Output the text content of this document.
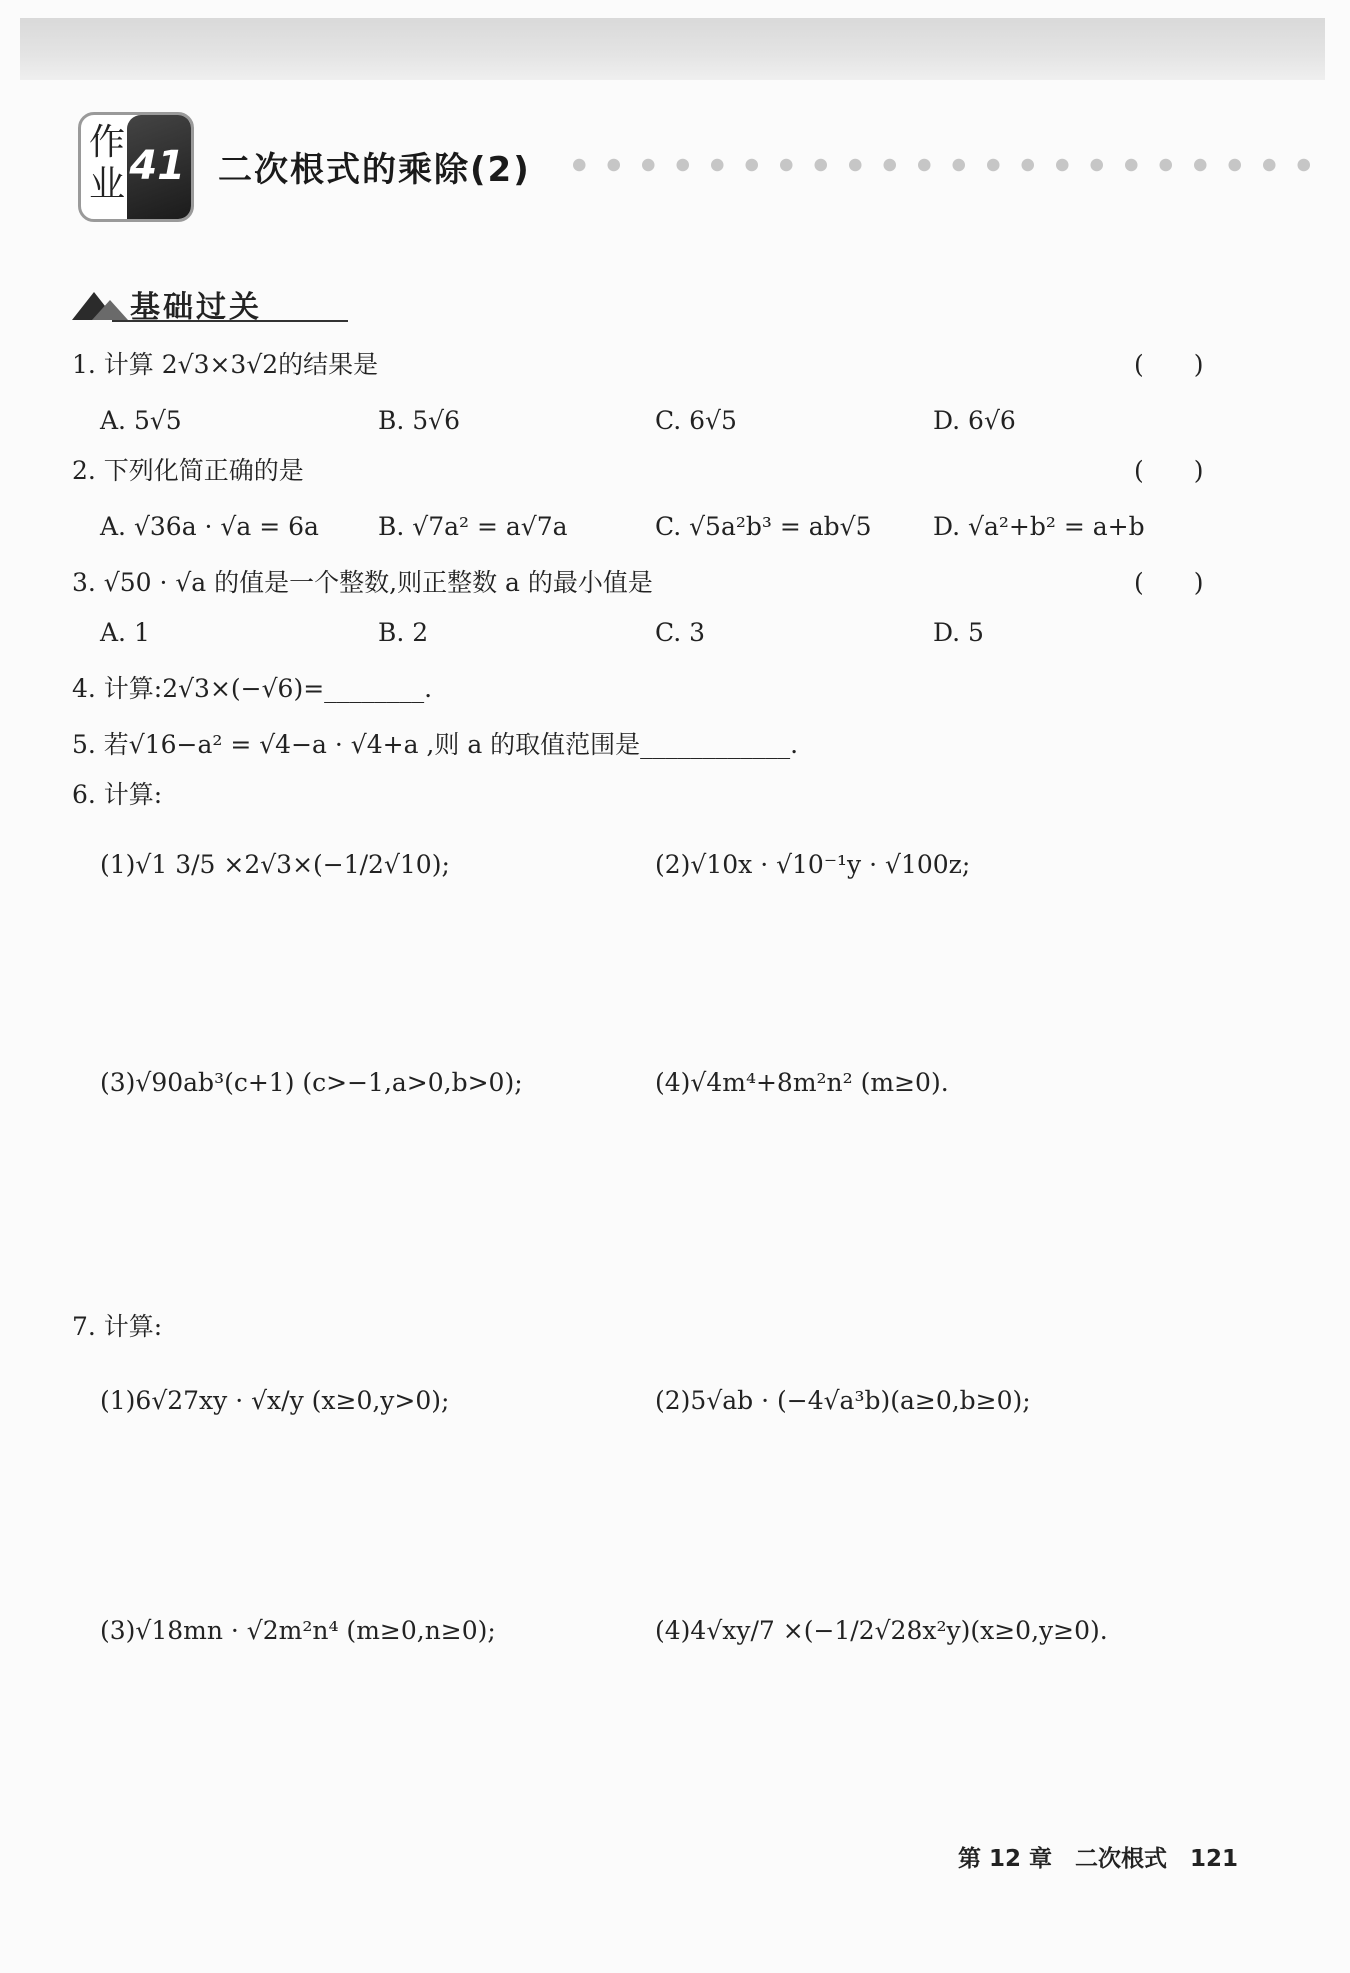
作
业 41 二次根式的乘除(2)
基础过关
1. 计算 2√3×3√2的结果是	(　　)
A. 5√5	B. 5√6	C. 6√5	D. 6√6
2. 下列化简正确的是	(　　)
A. √36a · √a = 6a B. √7a² = a√7a	C. √5a²b³ = ab√5 D. √a²+b² = a+b
3. √50 · √a 的值是一个整数,则正整数 a 的最小值是	(　　)
A. 1	B. 2	C. 3	D. 5
4. 计算:2√3×(−√6)=________.
5. 若√16−a² = √4−a · √4+a ,则 a 的取值范围是____________.
6. 计算:
(1)√1 3/5 ×2√3×(−1/2√10);	(2)√10x · √10⁻¹y · √100z;
(3)√90ab³(c+1) (c>−1,a>0,b>0);	(4)√4m⁴+8m²n² (m≥0).
7. 计算:
(1)6√27xy · √x/y (x≥0,y>0);	(2)5√ab · (−4√a³b)(a≥0,b≥0);
(3)√18mn · √2m²n⁴ (m≥0,n≥0);	(4)4√xy/7 ×(−1/2√28x²y)(x≥0,y≥0).
第 12 章　二次根式　121
